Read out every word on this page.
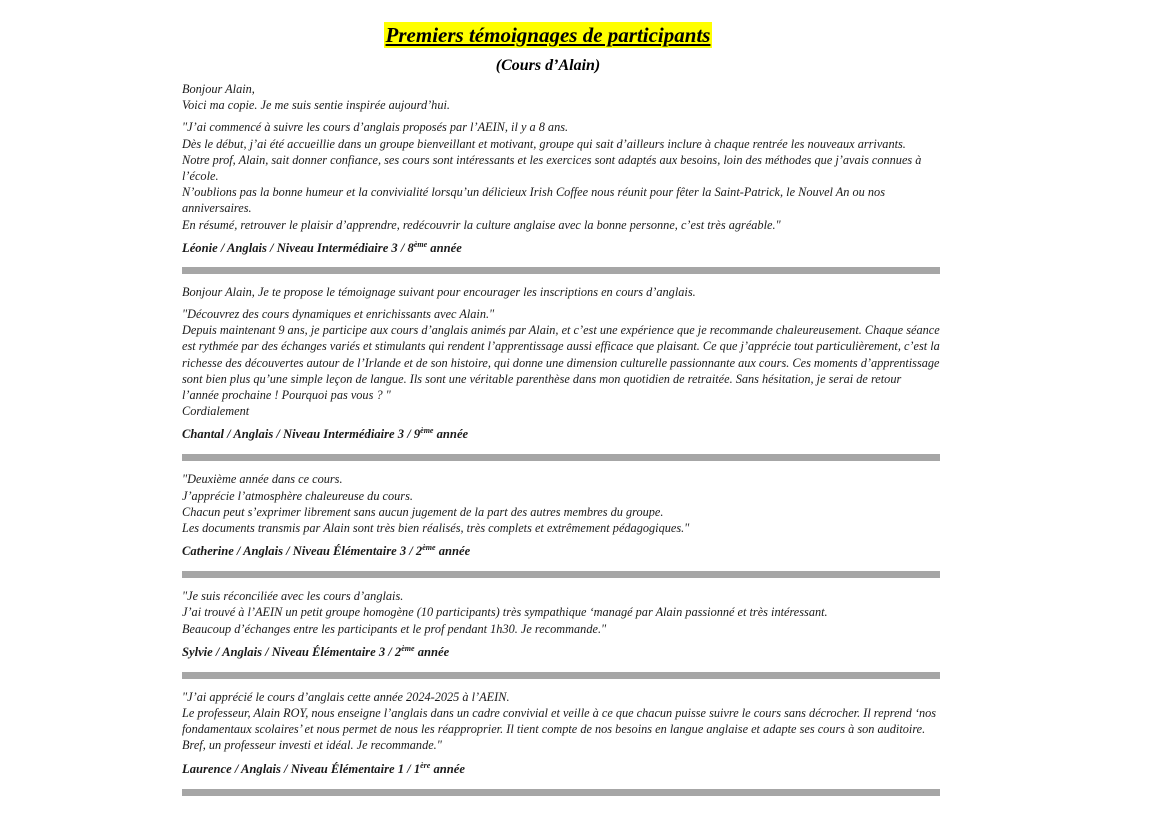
Premiers témoignages de participants
(Cours d’Alain)

Bonjour Alain,
Voici ma copie. Je me suis sentie inspirée aujourd’hui.

"J’ai commencé à suivre les cours d’anglais proposés par l’AEIN, il y a 8 ans.
Dès le début, j’ai été accueillie dans un groupe bienveillant et motivant, groupe qui sait d’ailleurs inclure à chaque rentrée les nouveaux arrivants.
Notre prof, Alain, sait donner confiance, ses cours sont intéressants et les exercices sont adaptés aux besoins, loin des méthodes que j’avais connues à l’école.
N’oublions pas la bonne humeur et la convivialité lorsqu’un délicieux Irish Coffee nous réunit pour fêter la Saint-Patrick, le Nouvel An ou nos anniversaires.
En résumé, retrouver le plaisir d’apprendre, redécouvrir la culture anglaise avec la bonne personne, c’est très agréable."

Léonie / Anglais / Niveau Intermédiaire 3 / 8ème année

Bonjour Alain, Je te propose le témoignage suivant pour encourager les inscriptions en cours d’anglais.

"Découvrez des cours dynamiques et enrichissants avec Alain."
Depuis maintenant 9 ans, je participe aux cours d’anglais animés par Alain, et c’est une expérience que je recommande chaleureusement. Chaque séance est rythmée par des échanges variés et stimulants qui rendent l’apprentissage aussi efficace que plaisant. Ce que j’apprécie tout particulièrement, c’est la richesse des découvertes autour de l’Irlande et de son histoire, qui donne une dimension culturelle passionnante aux cours. Ces moments d’apprentissage sont bien plus qu’une simple leçon de langue. Ils sont une véritable parenthèse dans mon quotidien de retraitée. Sans hésitation, je serai de retour l’année prochaine ! Pourquoi pas vous ? "
Cordialement

Chantal / Anglais / Niveau Intermédiaire 3 / 9ème année

"Deuxième année dans ce cours.
J’apprécie l’atmosphère chaleureuse du cours.
Chacun peut s’exprimer librement sans aucun jugement de la part des autres membres du groupe.
Les documents transmis par Alain sont très bien réalisés, très complets et extrêmement pédagogiques."

Catherine / Anglais / Niveau Élémentaire 3 / 2ème année

"Je suis réconciliée avec les cours d’anglais.
J’ai trouvé à l’AEIN un petit groupe homogène (10 participants) très sympathique ‘managé par Alain passionné et très intéressant.
Beaucoup d’échanges entre les participants et le prof pendant 1h30. Je recommande."

Sylvie / Anglais / Niveau Élémentaire 3 / 2ème année

"J’ai apprécié le cours d’anglais cette année 2024-2025 à l’AEIN.
Le professeur, Alain ROY, nous enseigne l’anglais dans un cadre convivial et veille à ce que chacun puisse suivre le cours sans décrocher. Il reprend ‘nos fondamentaux scolaires’ et nous permet de nous les réapproprier. Il tient compte de nos besoins en langue anglaise et adapte ses cours à son auditoire.
Bref, un professeur investi et idéal. Je recommande."

Laurence / Anglais / Niveau Élémentaire 1 / 1ère année
